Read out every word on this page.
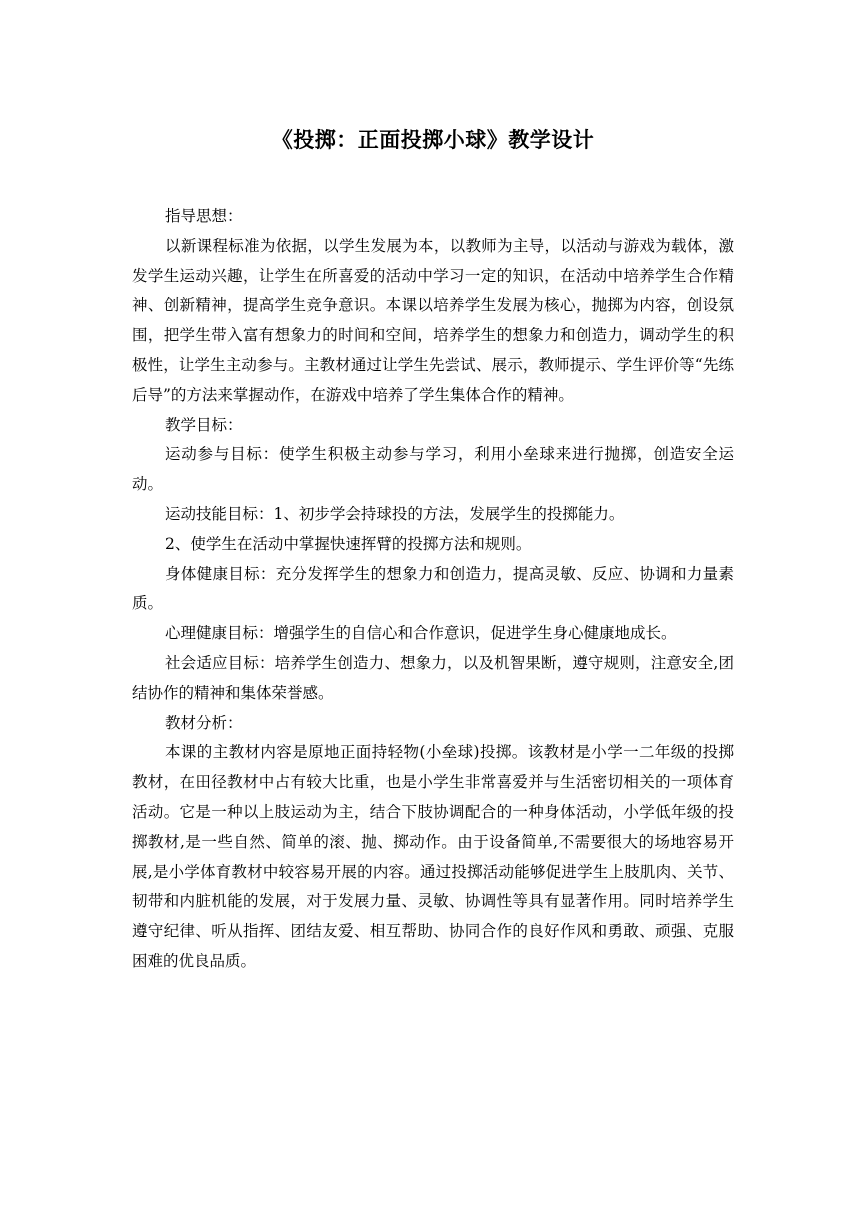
《投掷：正面投掷小球》教学设计

指导思想：

以新课程标准为依据，以学生发展为本，以教师为主导，以活动与游戏为载体，激发学生运动兴趣，让学生在所喜爱的活动中学习一定的知识，在活动中培养学生合作精神、创新精神，提高学生竞争意识。本课以培养学生发展为核心，抛掷为内容，创设氛围，把学生带入富有想象力的时间和空间，培养学生的想象力和创造力，调动学生的积极性，让学生主动参与。主教材通过让学生先尝试、展示，教师提示、学生评价等“先练后导”的方法来掌握动作，在游戏中培养了学生集体合作的精神。

教学目标：

运动参与目标：使学生积极主动参与学习，利用小垒球来进行抛掷，创造安全运动。

运动技能目标：1、初步学会持球投的方法，发展学生的投掷能力。

2、使学生在活动中掌握快速挥臂的投掷方法和规则。

身体健康目标：充分发挥学生的想象力和创造力，提高灵敏、反应、协调和力量素质。

心理健康目标：增强学生的自信心和合作意识，促进学生身心健康地成长。

社会适应目标：培养学生创造力、想象力，以及机智果断，遵守规则，注意安全,团结协作的精神和集体荣誉感。

教材分析：

本课的主教材内容是原地正面持轻物(小垒球)投掷。该教材是小学一二年级的投掷教材，在田径教材中占有较大比重，也是小学生非常喜爱并与生活密切相关的一项体育活动。它是一种以上肢运动为主，结合下肢协调配合的一种身体活动，小学低年级的投掷教材,是一些自然、简单的滚、抛、掷动作。由于设备简单,不需要很大的场地容易开展,是小学体育教材中较容易开展的内容。通过投掷活动能够促进学生上肢肌肉、关节、韧带和内脏机能的发展，对于发展力量、灵敏、协调性等具有显著作用。同时培养学生遵守纪律、听从指挥、团结友爱、相互帮助、协同合作的良好作风和勇敢、顽强、克服困难的优良品质。
